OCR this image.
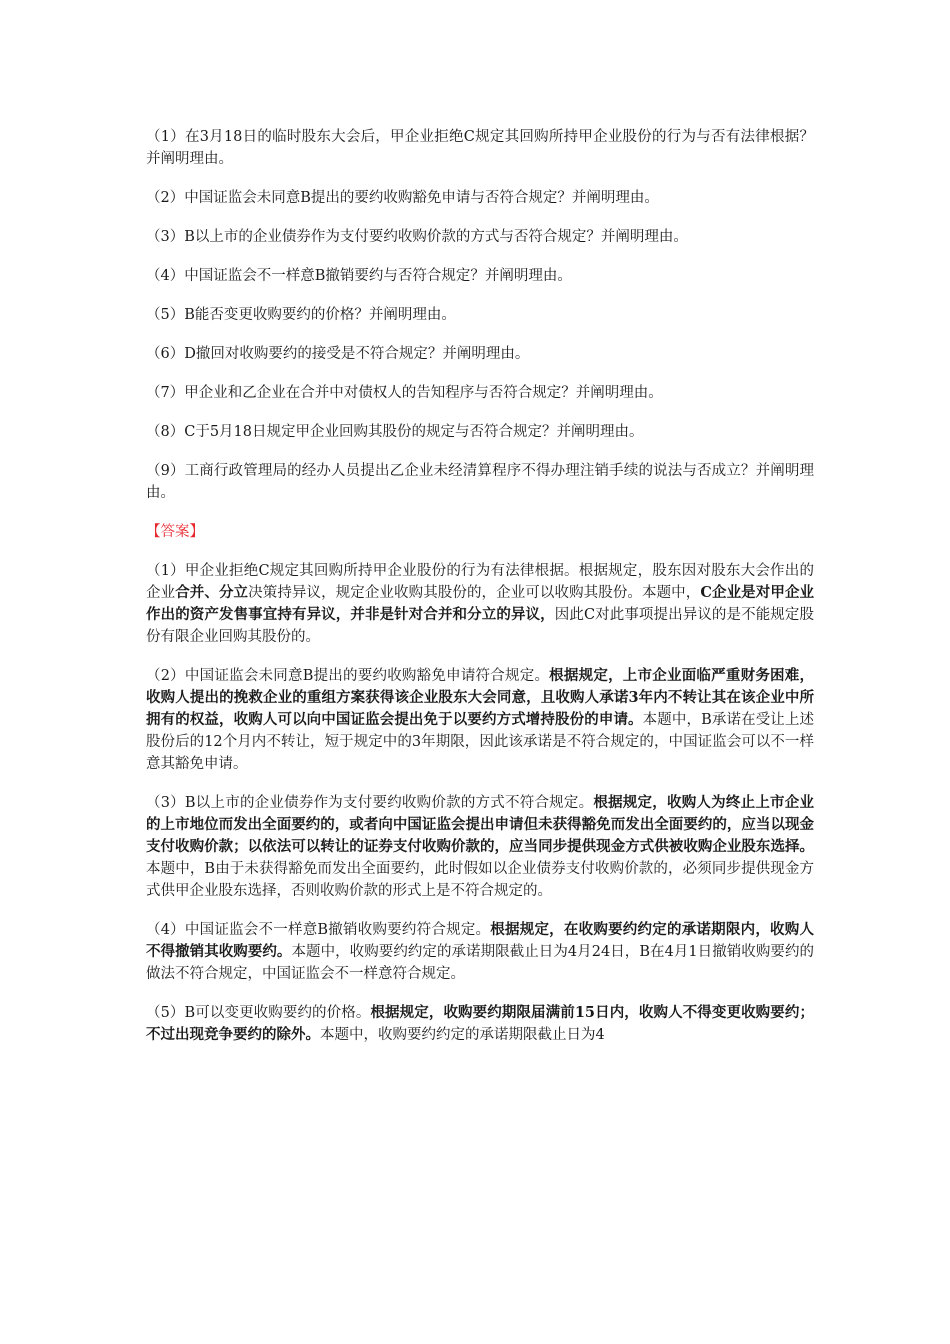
（1）在3月18日的临时股东大会后，甲企业拒绝C规定其回购所持甲企业股份的行为与否有法律根据？并阐明理由。

（2）中国证监会未同意B提出的要约收购豁免申请与否符合规定？并阐明理由。

（3）B以上市的企业债券作为支付要约收购价款的方式与否符合规定？并阐明理由。

（4）中国证监会不一样意B撤销要约与否符合规定？并阐明理由。

（5）B能否变更收购要约的价格？并阐明理由。

（6）D撤回对收购要约的接受是不符合规定？并阐明理由。

（7）甲企业和乙企业在合并中对债权人的告知程序与否符合规定？并阐明理由。

（8）C于5月18日规定甲企业回购其股份的规定与否符合规定？并阐明理由。

（9）工商行政管理局的经办人员提出乙企业未经清算程序不得办理注销手续的说法与否成立？并阐明理由。

【答案】

（1）甲企业拒绝C规定其回购所持甲企业股份的行为有法律根据。根据规定，股东因对股东大会作出的企业合并、分立决策持异议，规定企业收购其股份的，企业可以收购其股份。本题中，C企业是对甲企业作出的资产发售事宜持有异议，并非是针对合并和分立的异议，因此C对此事项提出异议的是不能规定股份有限企业回购其股份的。

（2）中国证监会未同意B提出的要约收购豁免申请符合规定。根据规定，上市企业面临严重财务困难，收购人提出的挽救企业的重组方案获得该企业股东大会同意，且收购人承诺3年内不转让其在该企业中所拥有的权益，收购人可以向中国证监会提出免于以要约方式增持股份的申请。本题中，B承诺在受让上述股份后的12个月内不转让，短于规定中的3年期限，因此该承诺是不符合规定的，中国证监会可以不一样意其豁免申请。

（3）B以上市的企业债券作为支付要约收购价款的方式不符合规定。根据规定，收购人为终止上市企业的上市地位而发出全面要约的，或者向中国证监会提出申请但未获得豁免而发出全面要约的，应当以现金支付收购价款；以依法可以转让的证券支付收购价款的，应当同步提供现金方式供被收购企业股东选择。本题中，B由于未获得豁免而发出全面要约，此时假如以企业债券支付收购价款的，必须同步提供现金方式供甲企业股东选择，否则收购价款的形式上是不符合规定的。

（4）中国证监会不一样意B撤销收购要约符合规定。根据规定，在收购要约约定的承诺期限内，收购人不得撤销其收购要约。本题中，收购要约约定的承诺期限截止日为4月24日，B在4月1日撤销收购要约的做法不符合规定，中国证监会不一样意符合规定。

（5）B可以变更收购要约的价格。根据规定，收购要约期限届满前15日内，收购人不得变更收购要约；不过出现竞争要约的除外。本题中，收购要约约定的承诺期限截止日为4
